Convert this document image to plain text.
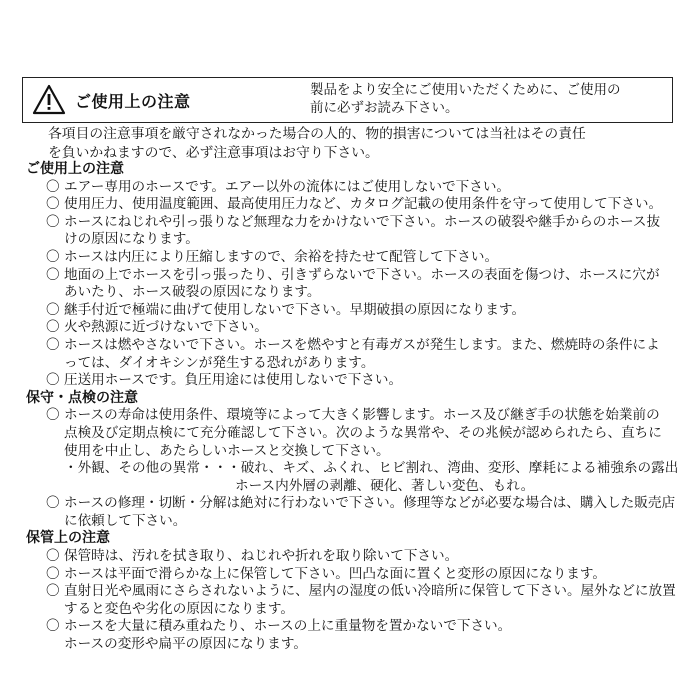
ご使用上の注意
製品をより安全にご使用いただくために、ご使用の
前に必ずお読み下さい。
各項目の注意事項を厳守されなかった場合の人的、物的損害については当社はその責任
を負いかねますので、必ず注意事項はお守り下さい。
ご使用上の注意
〇 エアー専用のホースです。エアー以外の流体にはご使用しないで下さい。
〇 使用圧力、使用温度範囲、最高使用圧力など、カタログ記載の使用条件を守って使用して下さい。
〇 ホースにねじれや引っ張りなど無理な力をかけないで下さい。ホースの破裂や継手からのホース抜
けの原因になります。
〇 ホースは内圧により圧縮しますので、余裕を持たせて配管して下さい。
〇 地面の上でホースを引っ張ったり、引きずらないで下さい。ホースの表面を傷つけ、ホースに穴が
あいたり、ホース破裂の原因になります。
〇 継手付近で極端に曲げて使用しないで下さい。早期破損の原因になります。
〇 火や熱源に近づけないで下さい。
〇 ホースは燃やさないで下さい。ホースを燃やすと有毒ガスが発生します。また、燃焼時の条件によ
っては、ダイオキシンが発生する恐れがあります。
〇 圧送用ホースです。負圧用途には使用しないで下さい。
保守・点検の注意
〇 ホースの寿命は使用条件、環境等によって大きく影響します。ホース及び継ぎ手の状態を始業前の
点検及び定期点検にて充分確認して下さい。次のような異常や、その兆候が認められたら、直ちに
使用を中止し、あたらしいホースと交換して下さい。
・外観、その他の異常・・・破れ、キズ、ふくれ、ヒビ割れ、湾曲、変形、摩耗による補強糸の露出
ホース内外層の剥離、硬化、著しい変色、もれ。
〇 ホースの修理・切断・分解は絶対に行わないで下さい。修理等などが必要な場合は、購入した販売店
に依頼して下さい。
保管上の注意
〇 保管時は、汚れを拭き取り、ねじれや折れを取り除いて下さい。
〇 ホースは平面で滑らかな上に保管して下さい。凹凸な面に置くと変形の原因になります。
〇 直射日光や風雨にさらされないように、屋内の湿度の低い冷暗所に保管して下さい。屋外などに放置
すると変色や劣化の原因になります。
〇 ホースを大量に積み重ねたり、ホースの上に重量物を置かないで下さい。
ホースの変形や扁平の原因になります。
